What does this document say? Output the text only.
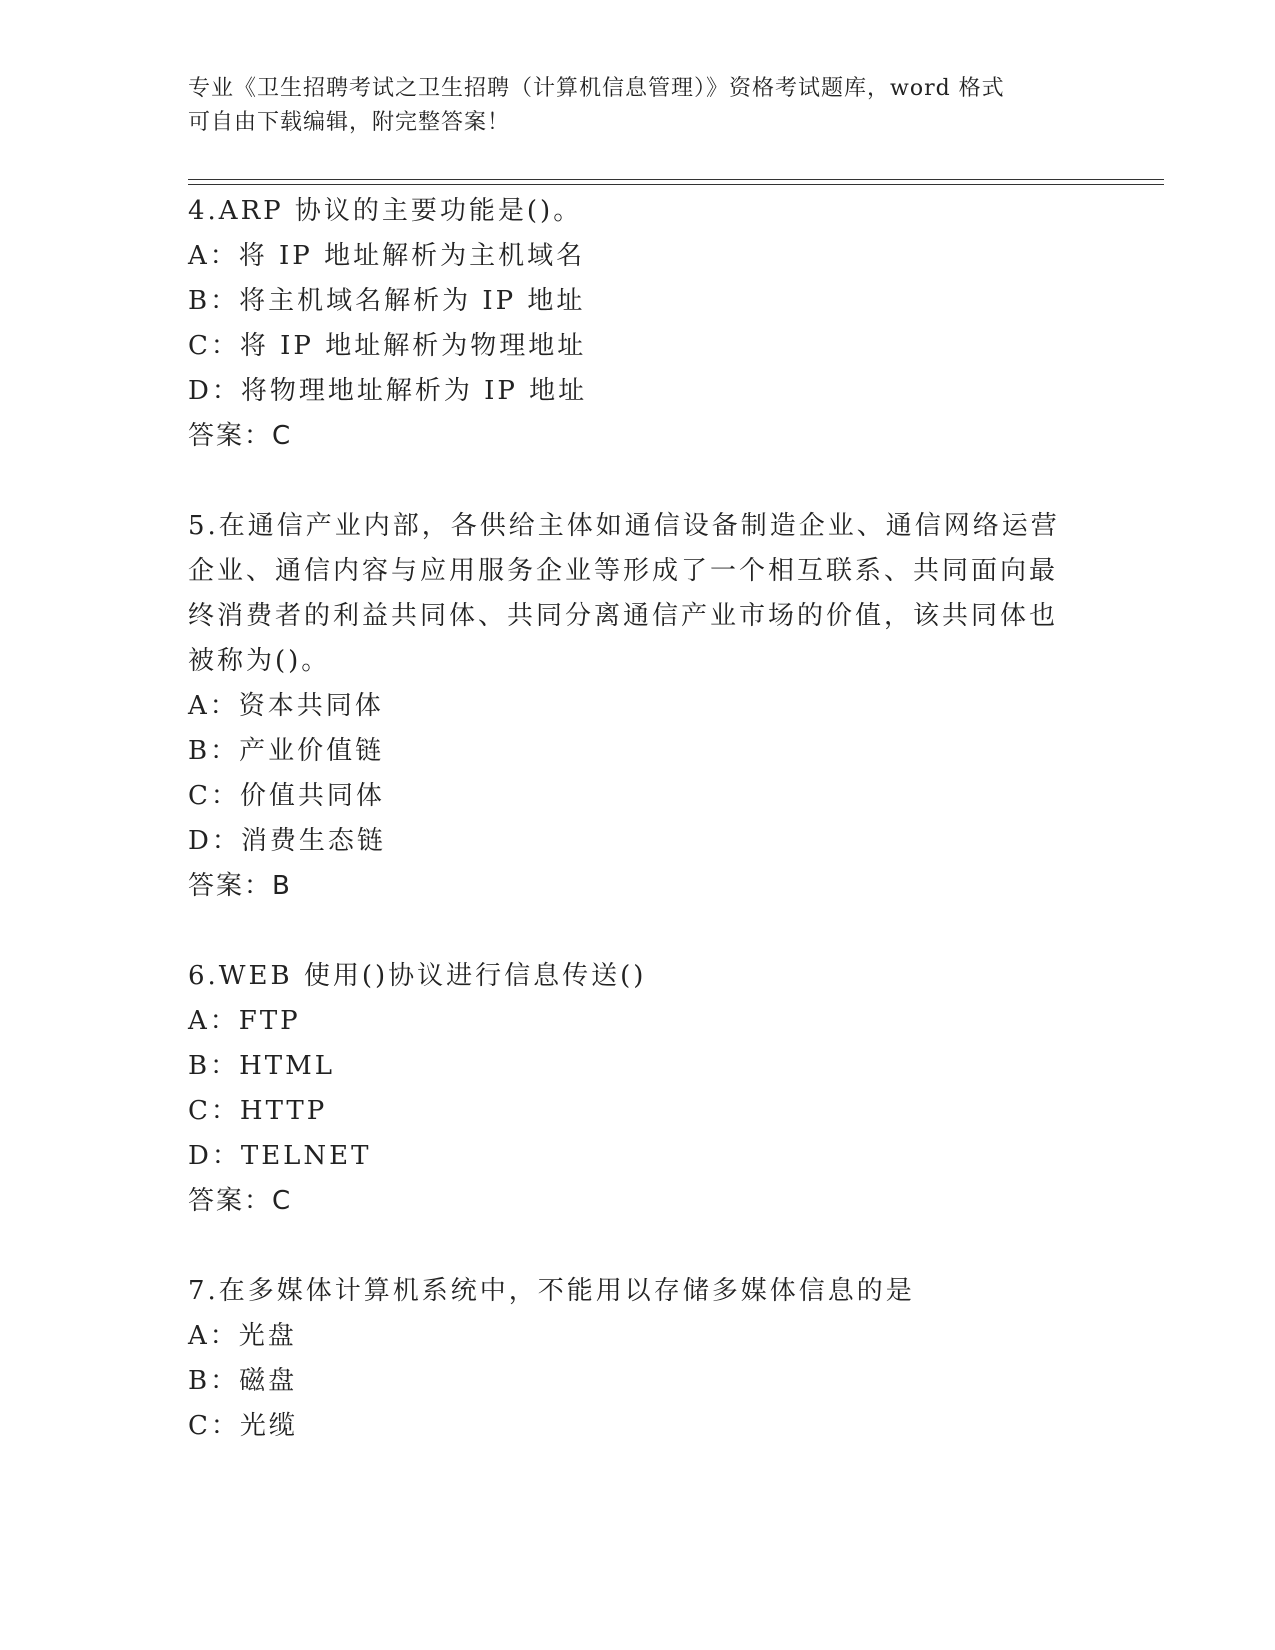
专业《卫生招聘考试之卫生招聘（计算机信息管理）》资格考试题库，word 格式
可自由下载编辑，附完整答案！
4.ARP 协议的主要功能是()。
A：将 IP 地址解析为主机域名
B：将主机域名解析为 IP 地址
C：将 IP 地址解析为物理地址
D：将物理地址解析为 IP 地址
答案：C
5.在通信产业内部，各供给主体如通信设备制造企业、通信网络运营
企业、通信内容与应用服务企业等形成了一个相互联系、共同面向最
终消费者的利益共同体、共同分离通信产业市场的价值，该共同体也
被称为()。
A：资本共同体
B：产业价值链
C：价值共同体
D：消费生态链
答案：B
6.WEB 使用()协议进行信息传送()
A：FTP
B：HTML
C：HTTP
D：TELNET
答案：C
7.在多媒体计算机系统中，不能用以存储多媒体信息的是
A：光盘
B：磁盘
C：光缆
